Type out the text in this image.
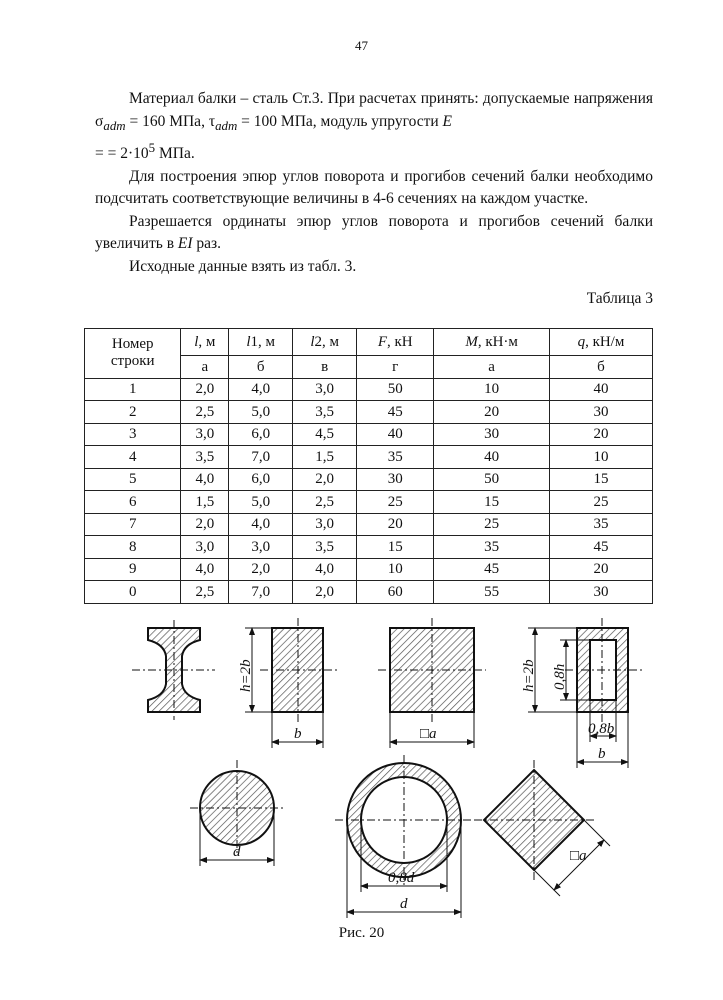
47

Материал балки – сталь Ст.3. При расчетах принять: допускаемые напряжения $\sigma_{adm} = 160$ МПа, $\tau_{adm} = 100$ МПа, модуль упругости E
= = $2\cdot 10^5$ МПа.

Для построения эпюр углов поворота и прогибов сечений балки необходимо подсчитать соответствующие величины в 4-6 сечениях на каждом участке.

Разрешается ординаты эпюр углов поворота и прогибов сечений балки увеличить в EI раз.

Исходные данные взять из табл. 3.

Таблица 3
Номер
строки	l, м	l1, м	l2, м	F, кН	M, кН·м	q, кН/м
	а	б	в	г	а	б
1	2,0	4,0	3,0	50	10	40
2	2,5	5,0	3,5	45	20	30
3	3,0	6,0	4,5	40	30	20
4	3,5	7,0	1,5	35	40	10
5	4,0	6,0	2,0	30	50	15
6	1,5	5,0	2,5	25	15	25
7	2,0	4,0	3,0	20	25	35
8	3,0	3,0	3,5	15	35	45
9	4,0	2,0	4,0	10	45	20
0	2,5	7,0	2,0	60	55	30
h=2b
b	□a
h=2b 0,8h
0,8b
b
d
0,8d
d
□a
Рис. 20
